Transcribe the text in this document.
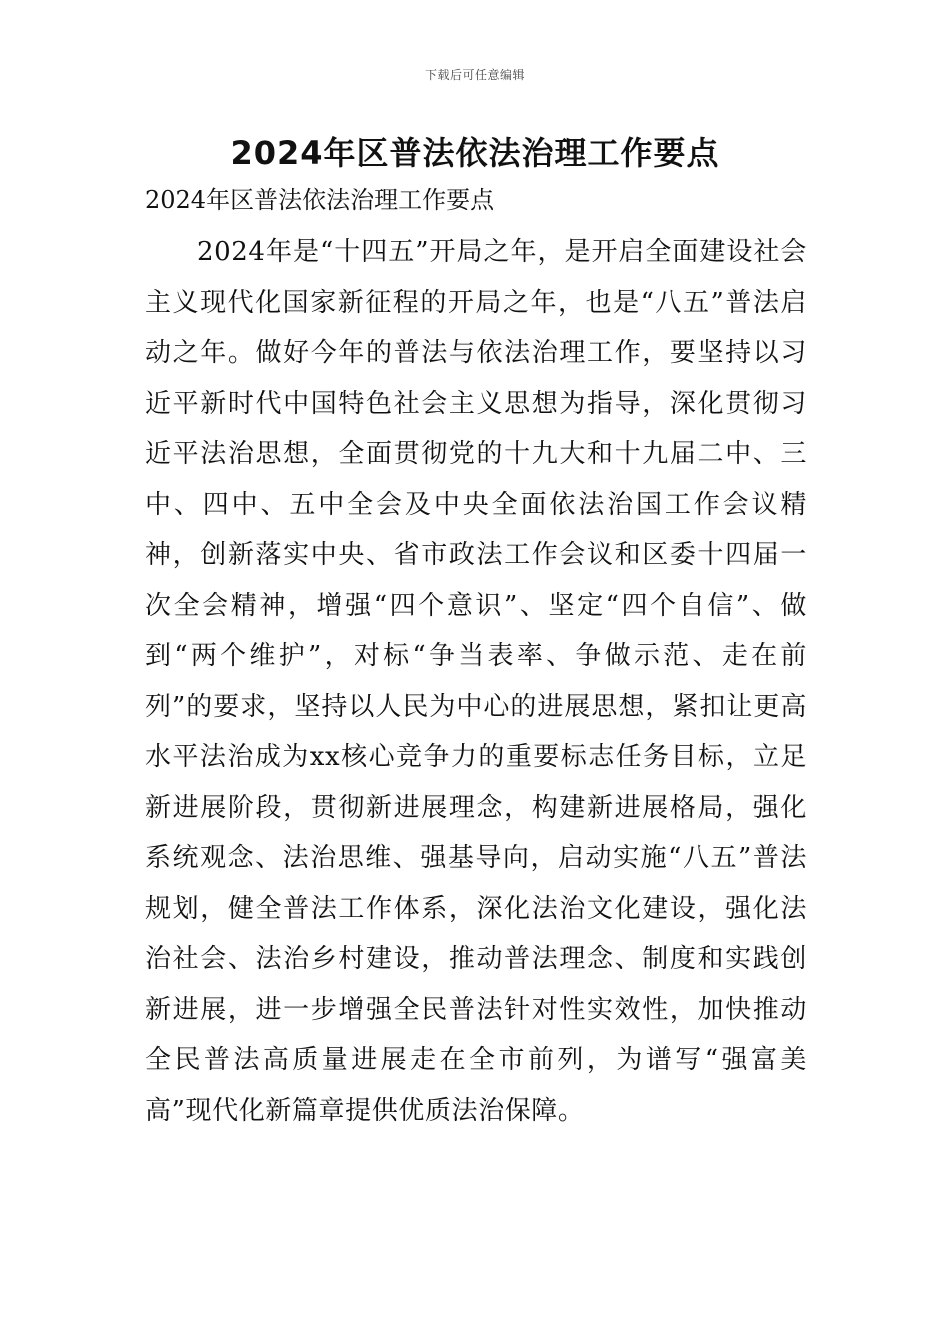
下载后可任意编辑
2024年区普法依法治理工作要点

2024年区普法依法治理工作要点

2024年是“十四五”开局之年，是开启全面建设社会主义现代化国家新征程的开局之年，也是“八五”普法启动之年。做好今年的普法与依法治理工作，要坚持以习近平新时代中国特色社会主义思想为指导，深化贯彻习近平法治思想，全面贯彻党的十九大和十九届二中、三中、四中、五中全会及中央全面依法治国工作会议精神，创新落实中央、省市政法工作会议和区委十四届一次全会精神，增强“四个意识”、坚定“四个自信”、做到“两个维护”，对标“争当表率、争做示范、走在前列”的要求，坚持以人民为中心的进展思想，紧扣让更高水平法治成为xx核心竞争力的重要标志任务目标，立足新进展阶段，贯彻新进展理念，构建新进展格局，强化系统观念、法治思维、强基导向，启动实施“八五”普法规划，健全普法工作体系，深化法治文化建设，强化法治社会、法治乡村建设，推动普法理念、制度和实践创新进展，进一步增强全民普法针对性实效性，加快推动全民普法高质量进展走在全市前列，为谱写“强富美高”现代化新篇章提供优质法治保障。
